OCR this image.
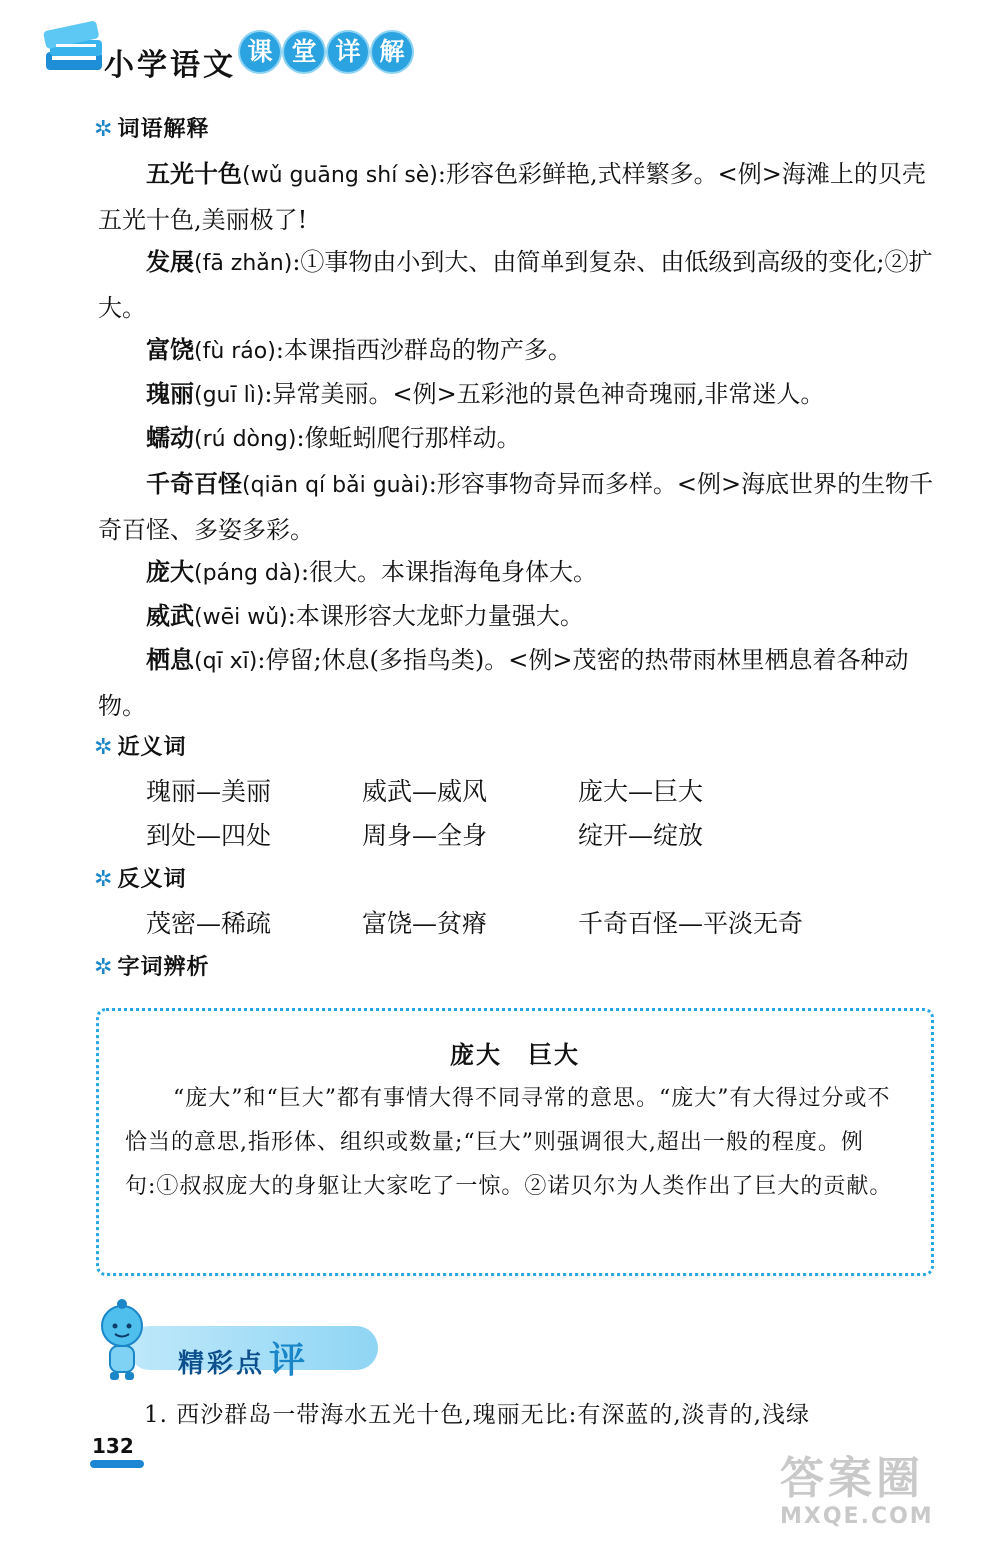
小学语文 课 堂 详 解
✲ 词语解释
五光十色(wǔ guāng shí sè):形容色彩鲜艳,式样繁多。<例>海滩上的贝壳五光十色,美丽极了!
发展(fā zhǎn):①事物由小到大、由简单到复杂、由低级到高级的变化;②扩大。
富饶(fù ráo):本课指西沙群岛的物产多。
瑰丽(guī lì):异常美丽。<例>五彩池的景色神奇瑰丽,非常迷人。
蠕动(rú dòng):像蚯蚓爬行那样动。
千奇百怪(qiān qí bǎi guài):形容事物奇异而多样。<例>海底世界的生物千奇百怪、多姿多彩。
庞大(páng dà):很大。本课指海龟身体大。
威武(wēi wǔ):本课形容大龙虾力量强大。
栖息(qī xī):停留;休息(多指鸟类)。<例>茂密的热带雨林里栖息着各种动物。
✲ 近义词
瑰丽—美丽	威武—威风	庞大—巨大
到处—四处	周身—全身	绽开—绽放
✲ 反义词
茂密—稀疏	富饶—贫瘠	千奇百怪—平淡无奇
✲ 字词辨析
庞大　巨大
“庞大”和“巨大”都有事情大得不同寻常的意思。“庞大”有大得过分或不恰当的意思,指形体、组织或数量;“巨大”则强调很大,超出一般的程度。例句:①叔叔庞大的身躯让大家吃了一惊。②诺贝尔为人类作出了巨大的贡献。
精彩点 评
1. 西沙群岛一带海水五光十色,瑰丽无比:有深蓝的,淡青的,浅绿
132
答案圈
MXQE.COM
